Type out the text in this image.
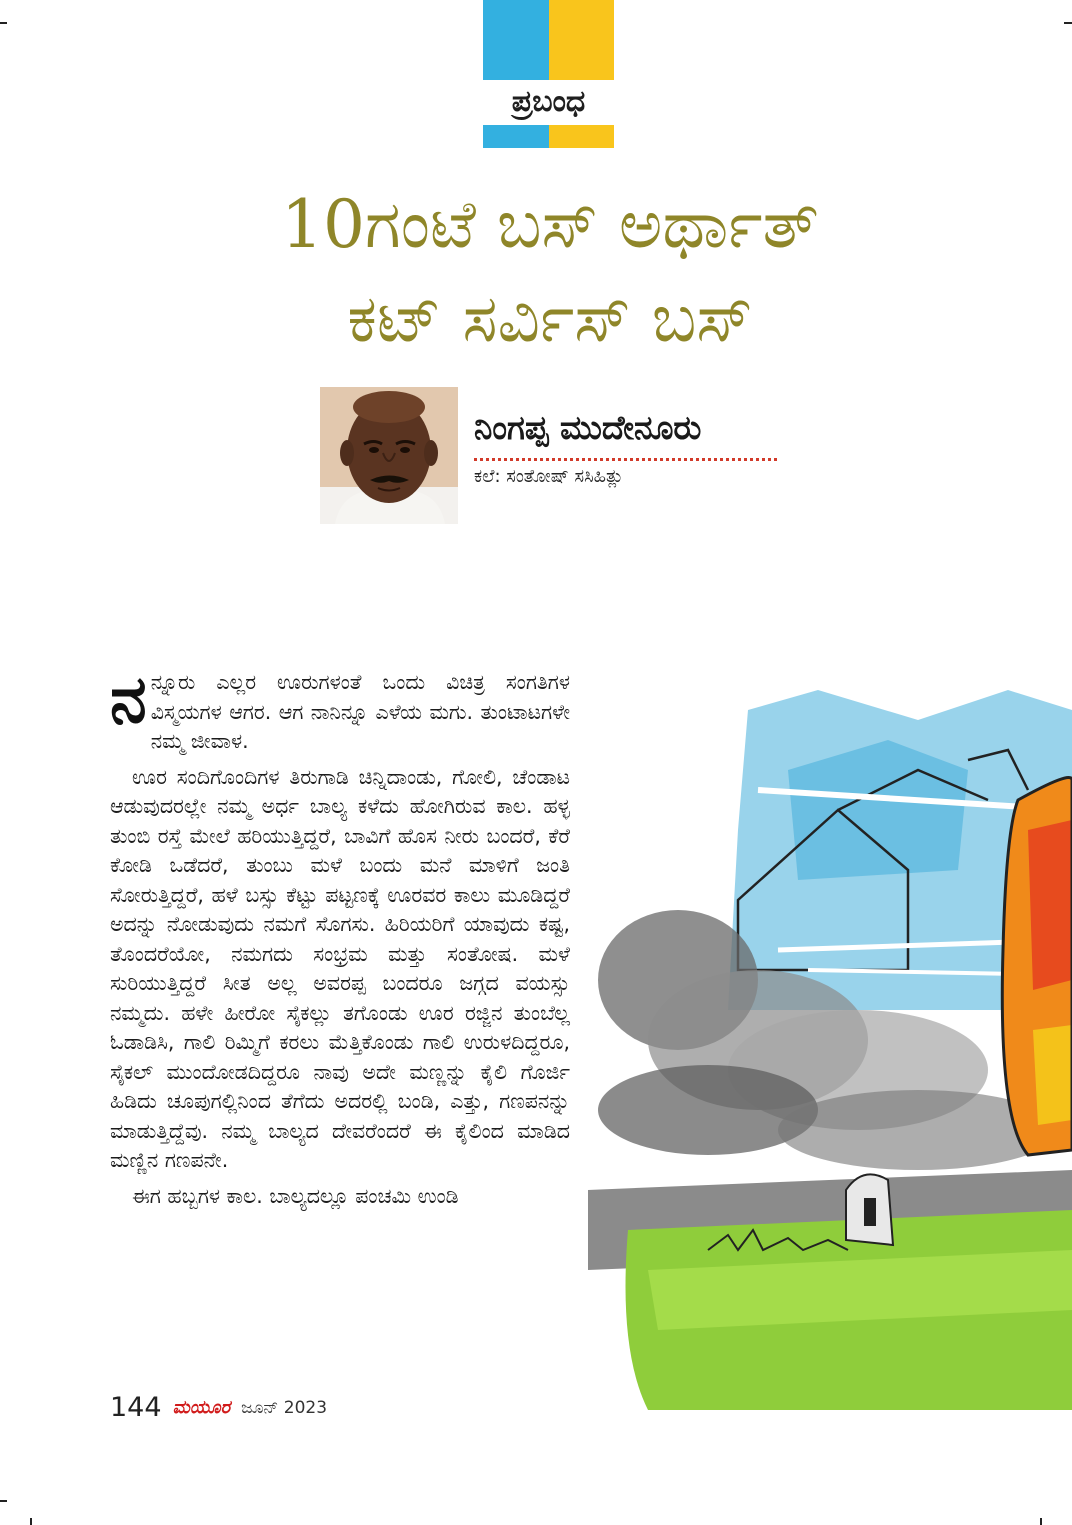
ಪ್ರಬಂಧ
10ಗಂಟೆ ಬಸ್ ಅರ್ಥಾತ್
ಕಟ್ ಸರ್ವಿಸ್ ಬಸ್
ನಿಂಗಪ್ಪ ಮುದೇನೂರು
ಕಲೆ: ಸಂತೋಷ್ ಸಸಿಹಿತ್ಲು

ನನ್ನೂರು ಎಲ್ಲರ ಊರುಗಳಂತೆ ಒಂದು ವಿಚಿತ್ರ ಸಂಗತಿಗಳ ವಿಸ್ಮಯಗಳ ಆಗರ. ಆಗ ನಾನಿನ್ನೂ ಎಳೆಯ ಮಗು. ತುಂಟಾಟಗಳೇ ನಮ್ಮ ಜೀವಾಳ.

ಊರ ಸಂದಿಗೊಂದಿಗಳ ತಿರುಗಾಡಿ ಚಿನ್ನಿದಾಂಡು, ಗೋಲಿ, ಚೆಂಡಾಟ ಆಡುವುದರಲ್ಲೇ ನಮ್ಮ ಅರ್ಧ ಬಾಲ್ಯ ಕಳೆದು ಹೋಗಿರುವ ಕಾಲ. ಹಳ್ಳ ತುಂಬಿ ರಸ್ತೆ ಮೇಲೆ ಹರಿಯುತ್ತಿದ್ದರೆ, ಬಾವಿಗೆ ಹೊಸ ನೀರು ಬಂದರೆ, ಕೆರೆ ಕೋಡಿ ಒಡೆದರೆ, ತುಂಬು ಮಳೆ ಬಂದು ಮನೆ ಮಾಳಿಗೆ ಜಂತಿ ಸೋರುತ್ತಿದ್ದರೆ, ಹಳೆ ಬಸ್ಸು ಕೆಟ್ಟು ಪಟ್ಟಣಕ್ಕೆ ಊರವರ ಕಾಲು ಮೂಡಿದ್ದರೆ ಅದನ್ನು ನೋಡುವುದು ನಮಗೆ ಸೊಗಸು. ಹಿರಿಯರಿಗೆ ಯಾವುದು ಕಷ್ಟ, ತೊಂದರೆಯೋ, ನಮಗದು ಸಂಭ್ರಮ ಮತ್ತು ಸಂತೋಷ. ಮಳೆ ಸುರಿಯುತ್ತಿದ್ದರೆ ಸೀತ ಅಲ್ಲ ಅವರಪ್ಪ ಬಂದರೂ ಜಗ್ಗದ ವಯಸ್ಸು ನಮ್ಮದು. ಹಳೇ ಹೀರೋ ಸೈಕಲ್ಲು ತಗೊಂಡು ಊರ ರಜ್ಜಿನ ತುಂಬೆಲ್ಲ ಓಡಾಡಿಸಿ, ಗಾಲಿ ರಿಮ್ಮಿಗೆ ಕರಲು ಮೆತ್ತಿಕೊಂಡು ಗಾಲಿ ಉರುಳದಿದ್ದರೂ, ಸೈಕಲ್ ಮುಂದೋಡದಿದ್ದರೂ ನಾವು ಅದೇ ಮಣ್ಣನ್ನು ಕೈಲಿ ಗೊರ್ಜಿ ಹಿಡಿದು ಚೂಪುಗಲ್ಲಿನಿಂದ ತೆಗೆದು ಅದರಲ್ಲಿ ಬಂಡಿ, ಎತ್ತು, ಗಣಪನನ್ನು ಮಾಡುತ್ತಿದ್ದೆವು. ನಮ್ಮ ಬಾಲ್ಯದ ದೇವರೆಂದರೆ ಈ ಕೈಲಿಂದ ಮಾಡಿದ ಮಣ್ಣಿನ ಗಣಪನೇ.

ಈಗ ಹಬ್ಬಗಳ ಕಾಲ. ಬಾಲ್ಯದಲ್ಲೂ ಪಂಚಮಿ ಉಂಡಿ

144 ಮಯೂರ ಜೂನ್ 2023
